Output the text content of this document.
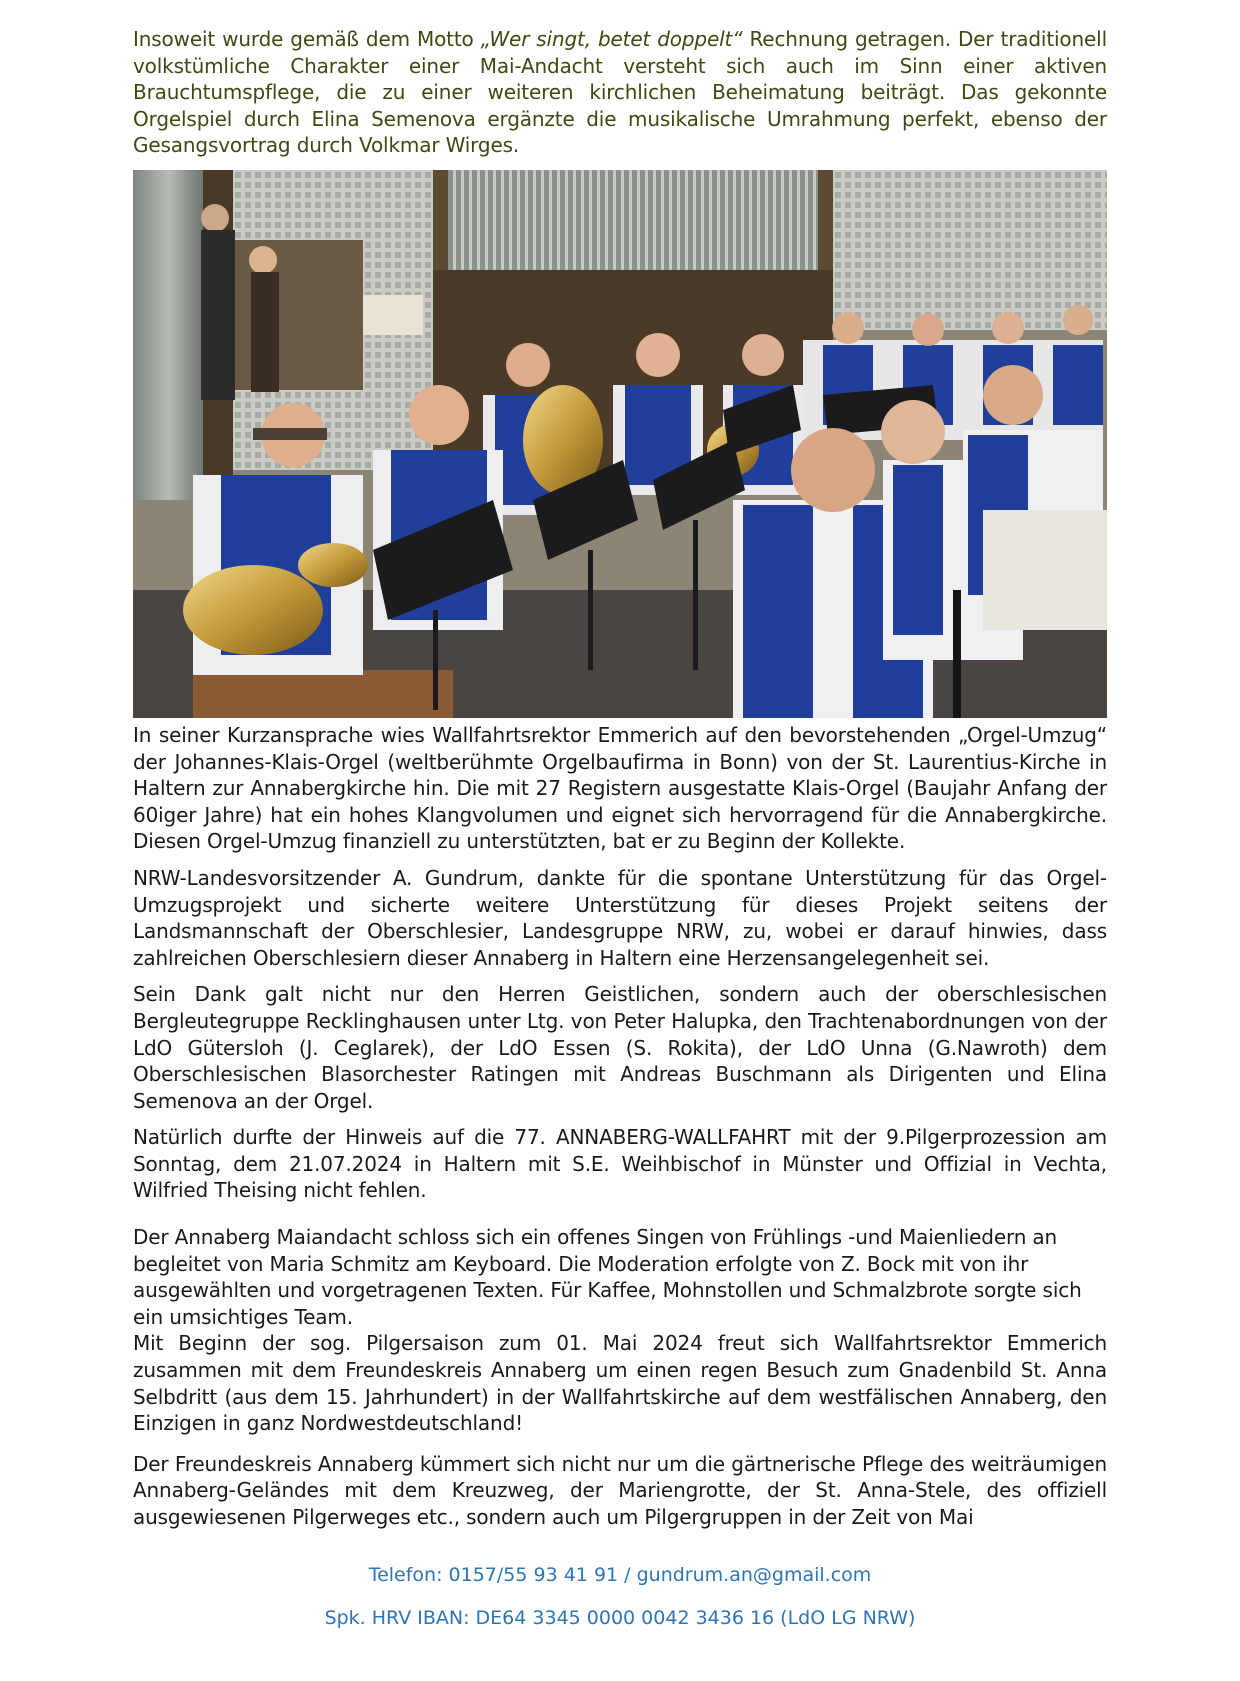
Insoweit wurde gemäß dem Motto „Wer singt, betet doppelt“ Rechnung getragen. Der traditionell volkstümliche Charakter einer Mai-Andacht versteht sich auch im Sinn einer aktiven Brauchtumspflege, die zu einer weiteren kirchlichen Beheimatung beiträgt. Das gekonnte Orgelspiel durch Elina Semenova ergänzte die musikalische Umrahmung perfekt, ebenso der Gesangsvortrag durch Volkmar Wirges.

In seiner Kurzansprache wies Wallfahrtsrektor Emmerich auf den bevorstehenden „Orgel-Umzug“ der Johannes-Klais-Orgel (weltberühmte Orgelbaufirma in Bonn) von der St. Laurentius-Kirche in Haltern zur Annabergkirche hin. Die mit 27 Registern ausgestatte Klais-Orgel (Baujahr Anfang der 60iger Jahre) hat ein hohes Klangvolumen und eignet sich hervorragend für die Annabergkirche. Diesen Orgel-Umzug finanziell zu unterstützten, bat er zu Beginn der Kollekte.

NRW-Landesvorsitzender A. Gundrum, dankte für die spontane Unterstützung für das Orgel-Umzugsprojekt und sicherte weitere Unterstützung für dieses Projekt seitens der Landsmannschaft der Oberschlesier, Landesgruppe NRW, zu, wobei er darauf hinwies, dass zahlreichen Oberschlesiern dieser Annaberg in Haltern eine Herzensangelegenheit sei.

Sein Dank galt nicht nur den Herren Geistlichen, sondern auch der oberschlesischen Bergleutegruppe Recklinghausen unter Ltg. von Peter Halupka, den Trachtenabordnungen von der LdO Gütersloh (J. Ceglarek), der LdO Essen (S. Rokita), der LdO Unna (G.Nawroth) dem Oberschlesischen Blasorchester Ratingen mit Andreas Buschmann als Dirigenten und Elina Semenova an der Orgel.

Natürlich durfte der Hinweis auf die 77. ANNABERG-WALLFAHRT mit der 9.Pilgerprozession am Sonntag, dem 21.07.2024 in Haltern mit S.E. Weihbischof in Münster und Offizial in Vechta, Wilfried Theising nicht fehlen.

Der Annaberg Maiandacht schloss sich ein offenes Singen von Frühlings -und Maienliedern an begleitet von Maria Schmitz am Keyboard. Die Moderation erfolgte von Z. Bock mit von ihr ausgewählten und vorgetragenen Texten. Für Kaffee, Mohnstollen und Schmalzbrote sorgte sich ein umsichtiges Team.

Mit Beginn der sog. Pilgersaison zum 01. Mai 2024 freut sich Wallfahrtsrektor Emmerich zusammen mit dem Freundeskreis Annaberg um einen regen Besuch zum Gnadenbild St. Anna Selbdritt (aus dem 15. Jahrhundert) in der Wallfahrtskirche auf dem westfälischen Annaberg, den Einzigen in ganz Nordwestdeutschland!

Der Freundeskreis Annaberg kümmert sich nicht nur um die gärtnerische Pflege des weiträumigen Annaberg-Geländes mit dem Kreuzweg, der Mariengrotte, der St. Anna-Stele, des offiziell ausgewiesenen Pilgerweges etc., sondern auch um Pilgergruppen in der Zeit von Mai

Telefon: 0157/55 93 41 91 / gundrum.an@gmail.com
Spk. HRV IBAN: DE64 3345 0000 0042 3436 16 (LdO LG NRW)
